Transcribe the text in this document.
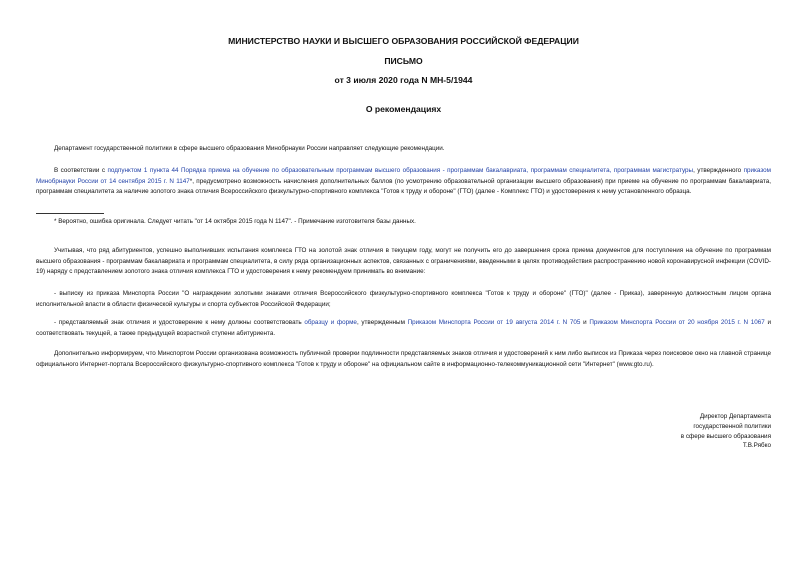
МИНИСТЕРСТВО НАУКИ И ВЫСШЕГО ОБРАЗОВАНИЯ РОССИЙСКОЙ ФЕДЕРАЦИИ
ПИСЬМО
от 3 июля 2020 года N МН-5/1944
О рекомендациях
Департамент государственной политики в сфере высшего образования Минобрнауки России направляет следующие рекомендации.
В соответствии с подпунктом 1 пункта 44 Порядка приема на обучение по образовательным программам высшего образования - программам бакалавриата, программам специалитета, программам магистратуры, утвержденного приказом Минобрнауки России от 14 сентября 2015 г. N 1147*, предусмотрено возможность начисления дополнительных баллов (по усмотрению образовательной организации высшего образования) при приеме на обучение по программам бакалавриата, программам специалитета за наличие золотого знака отличия Всероссийского физкультурно-спортивного комплекса "Готов к труду и обороне" (ГТО) (далее - Комплекс ГТО) и удостоверения к нему установленного образца.
* Вероятно, ошибка оригинала. Следует читать "от 14 октября 2015 года N 1147". - Примечание изготовителя базы данных.
Учитывая, что ряд абитуриентов, успешно выполнивших испытания комплекса ГТО на золотой знак отличия в текущем году, могут не получить его до завершения срока приема документов для поступления на обучение по программам высшего образования - программам бакалавриата и программам специалитета, в силу ряда организационных аспектов, связанных с ограничениями, введенными в целях противодействия распространению новой коронавирусной инфекции (COVID-19) наряду с представлением золотого знака отличия комплекса ГТО и удостоверения к нему рекомендуем принимать во внимание:
- выписку из приказа Минспорта России "О награждении золотыми знаками отличия Всероссийского физкультурно-спортивного комплекса "Готов к труду и обороне" (ГТО)" (далее - Приказ), заверенную должностным лицом органа исполнительной власти в области физической культуры и спорта субъектов Российской Федерации;
- представляемый знак отличия и удостоверение к нему должны соответствовать образцу и форме, утвержденным Приказом Минспорта России от 19 августа 2014 г. N 705 и Приказом Минспорта России от 20 ноября 2015 г. N 1067 и соответствовать текущей, а также предыдущей возрастной ступени абитуриента.
Дополнительно информируем, что Минспортом России организована возможность публичной проверки подлинности представляемых знаков отличия и удостоверений к ним либо выписок из Приказа через поисковое окно на главной странице официального Интернет-портала Всероссийского физкультурно-спортивного комплекса "Готов к труду и обороне" на официальном сайте в информационно-телекоммуникационной сети "Интернет" (www.gto.ru).
Директор Департамента
государственной политики
в сфере высшего образования
Т.В.Рябко
